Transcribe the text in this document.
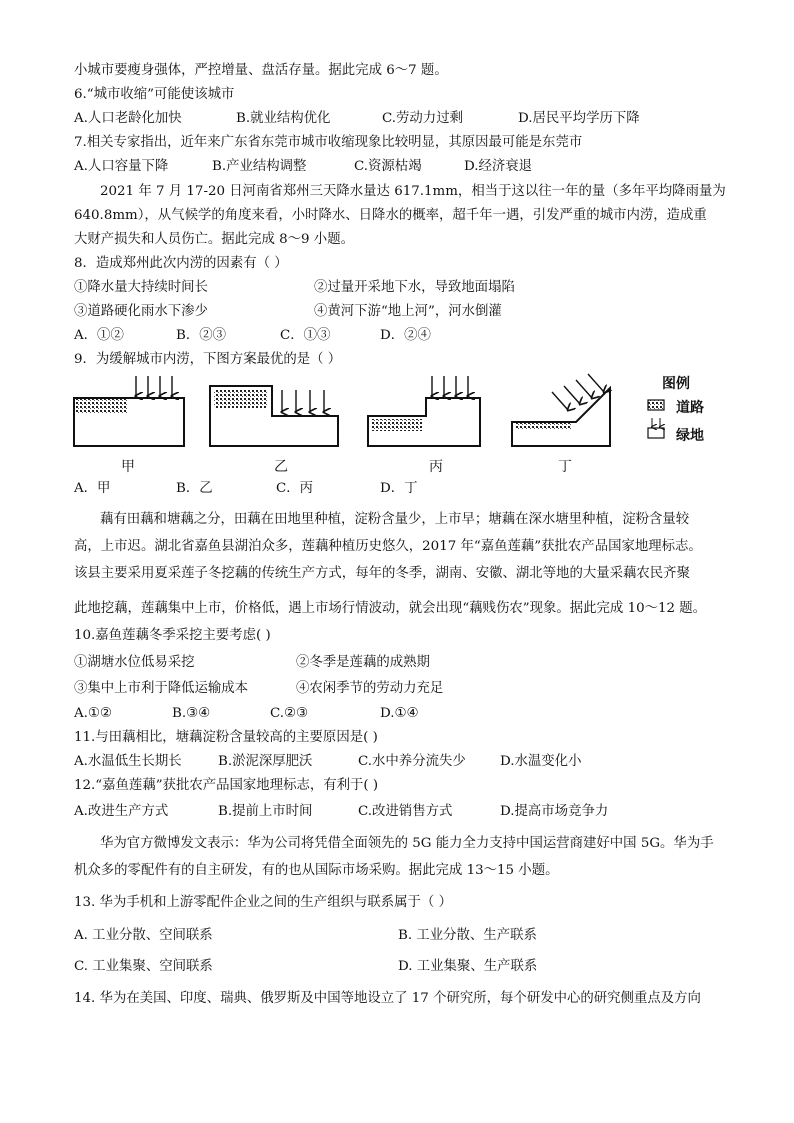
小城市要瘦身强体，严控增量、盘活存量。据此完成 6～7 题。
6.“城市收缩”可能使该城市
A.人口老龄化加快	B.就业结构优化	C.劳动力过剩	D.居民平均学历下降
7.相关专家指出，近年来广东省东莞市城市收缩现象比较明显，其原因最可能是东莞市
A.人口容量下降	B.产业结构调整	C.资源枯竭	D.经济衰退
2021 年 7 月 17-20 日河南省郑州三天降水量达 617.1mm，相当于这以往一年的量（多年平均降雨量为
640.8mm），从气候学的角度来看，小时降水、日降水的概率，超千年一遇，引发严重的城市内涝，造成重
大财产损失和人员伤亡。据此完成 8～9 小题。
8．造成郑州此次内涝的因素有（ ）
①降水量大持续时间长	②过量开采地下水，导致地面塌陷
③道路硬化雨水下渗少	④黄河下游“地上河”，河水倒灌
A．①②	B．②③	C．①③	D．②④
9．为缓解城市内涝，下图方案最优的是（ ）
甲	乙	丙	丁
图例
道路
绿地
A．甲	B．乙	C．丙	D．丁
藕有田藕和塘藕之分，田藕在田地里种植，淀粉含量少，上市早；塘藕在深水塘里种植，淀粉含量较
高，上市迟。湖北省嘉鱼县湖泊众多，莲藕种植历史悠久，2017 年“嘉鱼莲藕”获批农产品国家地理标志。
该县主要采用夏采莲子冬挖藕的传统生产方式，每年的冬季，湖南、安徽、湖北等地的大量采藕农民齐聚
此地挖藕，莲藕集中上市，价格低，遇上市场行情波动，就会出现“藕贱伤农”现象。据此完成 10～12 题。
10.嘉鱼莲藕冬季采挖主要考虑( )
①湖塘水位低易采挖	②冬季是莲藕的成熟期
③集中上市利于降低运输成本	④农闲季节的劳动力充足
A.①②	B.③④	C.②③	D.①④
11.与田藕相比，塘藕淀粉含量较高的主要原因是( )
A.水温低生长期长	B.淤泥深厚肥沃	C.水中养分流失少	D.水温变化小
12.“嘉鱼莲藕”获批农产品国家地理标志，有利于( )
A.改进生产方式	B.提前上市时间	C.改进销售方式	D.提高市场竞争力
华为官方微博发文表示：华为公司将凭借全面领先的 5G 能力全力支持中国运营商建好中国 5G。华为手
机众多的零配件有的自主研发，有的也从国际市场采购。据此完成 13～15 小题。
13. 华为手机和上游零配件企业之间的生产组织与联系属于（ ）
A. 工业分散、空间联系	B. 工业分散、生产联系
C. 工业集聚、空间联系	D. 工业集聚、生产联系
14. 华为在美国、印度、瑞典、俄罗斯及中国等地设立了 17 个研究所，每个研发中心的研究侧重点及方向
